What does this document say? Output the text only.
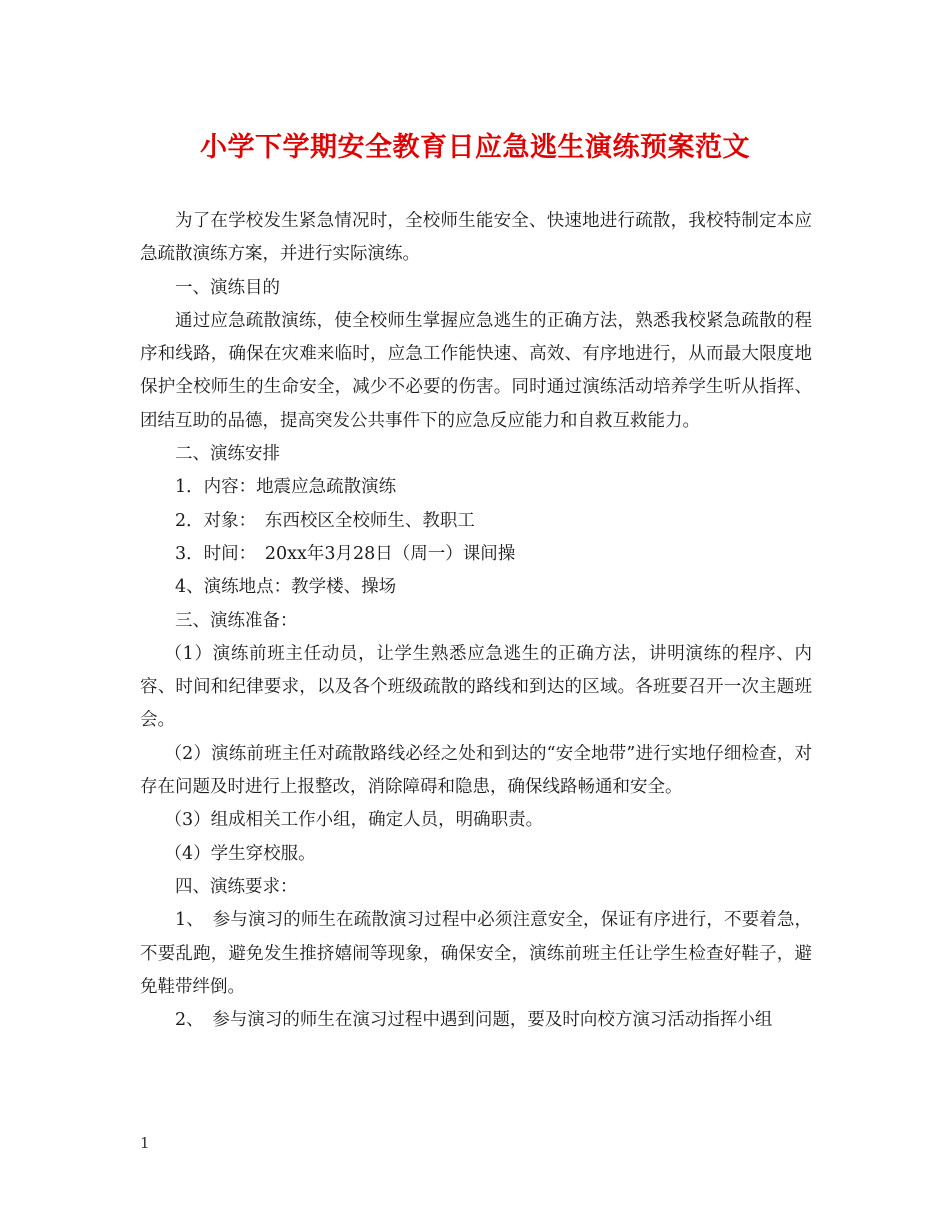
小学下学期安全教育日应急逃生演练预案范文

为了在学校发生紧急情况时，全校师生能安全、快速地进行疏散，我校特制定本应急疏散演练方案，并进行实际演练。

一、演练目的

通过应急疏散演练，使全校师生掌握应急逃生的正确方法，熟悉我校紧急疏散的程序和线路，确保在灾难来临时，应急工作能快速、高效、有序地进行，从而最大限度地保护全校师生的生命安全，减少不必要的伤害。同时通过演练活动培养学生听从指挥、团结互助的品德，提高突发公共事件下的应急反应能力和自救互救能力。

二、演练安排

1．内容：地震应急疏散演练

2．对象：　东西校区全校师生、教职工

3．时间：　20xx年3月28日（周一）课间操

4、演练地点：教学楼、操场

三、演练准备：

（1）演练前班主任动员，让学生熟悉应急逃生的正确方法，讲明演练的程序、内容、时间和纪律要求，以及各个班级疏散的路线和到达的区域。各班要召开一次主题班会。

（2）演练前班主任对疏散路线必经之处和到达的“安全地带”进行实地仔细检查，对存在问题及时进行上报整改，消除障碍和隐患，确保线路畅通和安全。

（3）组成相关工作小组，确定人员，明确职责。

（4）学生穿校服。

四、演练要求：

1、　参与演习的师生在疏散演习过程中必须注意安全，保证有序进行，不要着急，不要乱跑，避免发生推挤嬉闹等现象，确保安全，演练前班主任让学生检查好鞋子，避免鞋带绊倒。

2、　参与演习的师生在演习过程中遇到问题，要及时向校方演习活动指挥小组

1
